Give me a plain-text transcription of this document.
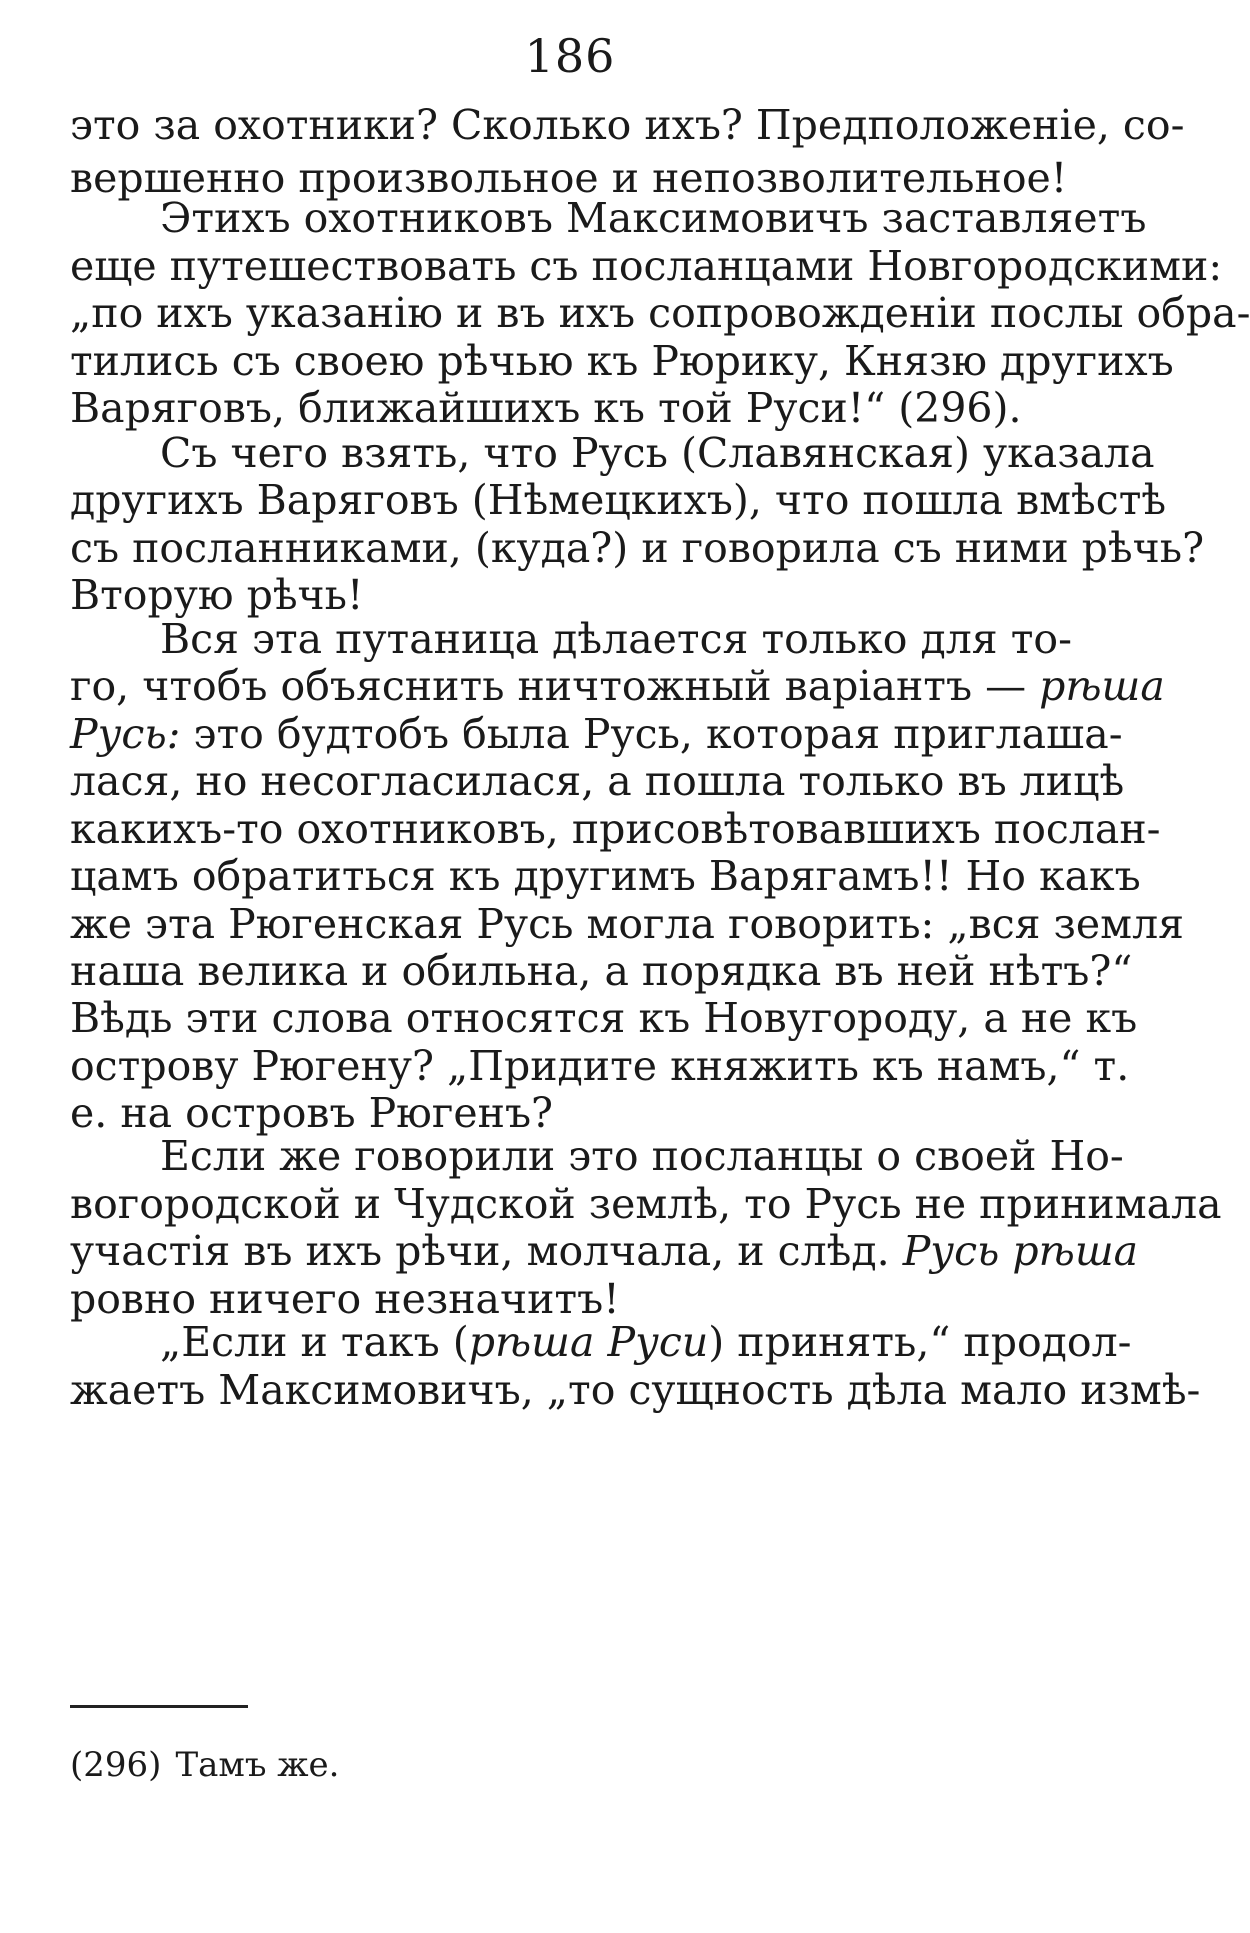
186
это за охотники? Сколько ихъ? Предположеніе, со-
вершенно произвольное и непозволительное!
Этихъ охотниковъ Максимовичъ заставляетъ
еще путешествовать съ посланцами Новгородскими:
„по ихъ указанію и въ ихъ сопровожденіи послы обра-
тились съ своею рѣчью къ Рюрику, Князю другихъ
Варяговъ, ближайшихъ къ той Руси!“ (296).
Съ чего взять, что Русь (Славянская) указала
другихъ Варяговъ (Нѣмецкихъ), что пошла вмѣстѣ
съ посланниками, (куда?) и говорила съ ними рѣчь?
Вторую рѣчь!
Вся эта путаница дѣлается только для то-
го, чтобъ объяснить ничтожный варіантъ — рѣша
Русь: это будтобъ была Русь, которая приглаша-
лася, но несогласилася, а пошла только въ лицѣ
какихъ-то охотниковъ, присовѣтовавшихъ послан-
цамъ обратиться къ другимъ Варягамъ!! Но какъ
же эта Рюгенская Русь могла говорить: „вся земля
наша велика и обильна, а порядка въ ней нѣтъ?“
Вѣдь эти слова относятся къ Новугороду, а не къ
острову Рюгену? „Придите княжить къ намъ,“ т.
е. на островъ Рюгенъ?
Если же говорили это посланцы о своей Но-
вогородской и Чудской землѣ, то Русь не принимала
участія въ ихъ рѣчи, молчала, и слѣд. Русь рѣша
ровно ничего незначитъ!
„Если и такъ (рѣша Руси) принять,“ продол-
жаетъ Максимовичъ, „то сущность дѣла мало измѣ-
(296) Тамъ же.
